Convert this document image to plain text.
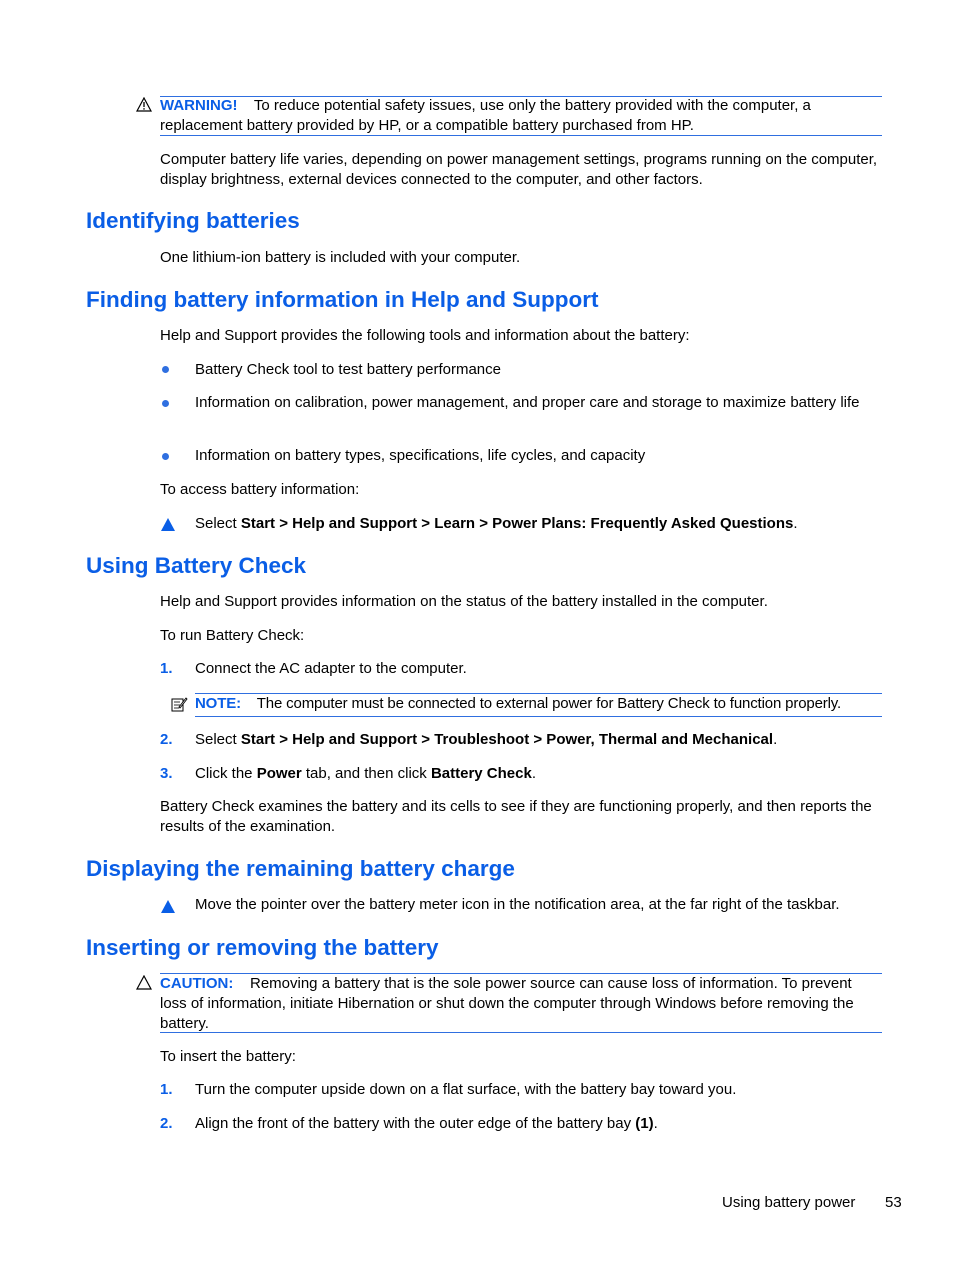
WARNING! To reduce potential safety issues, use only the battery provided with the computer, a replacement battery provided by HP, or a compatible battery purchased from HP.
Computer battery life varies, depending on power management settings, programs running on the computer, display brightness, external devices connected to the computer, and other factors.
Identifying batteries
One lithium-ion battery is included with your computer.
Finding battery information in Help and Support
Help and Support provides the following tools and information about the battery:
Battery Check tool to test battery performance
Information on calibration, power management, and proper care and storage to maximize battery life
Information on battery types, specifications, life cycles, and capacity
To access battery information:
Select Start > Help and Support > Learn > Power Plans: Frequently Asked Questions.
Using Battery Check
Help and Support provides information on the status of the battery installed in the computer.
To run Battery Check:
1. Connect the AC adapter to the computer.
NOTE: The computer must be connected to external power for Battery Check to function properly.
2. Select Start > Help and Support > Troubleshoot > Power, Thermal and Mechanical.
3. Click the Power tab, and then click Battery Check.
Battery Check examines the battery and its cells to see if they are functioning properly, and then reports the results of the examination.
Displaying the remaining battery charge
Move the pointer over the battery meter icon in the notification area, at the far right of the taskbar.
Inserting or removing the battery
CAUTION: Removing a battery that is the sole power source can cause loss of information. To prevent loss of information, initiate Hibernation or shut down the computer through Windows before removing the battery.
To insert the battery:
1. Turn the computer upside down on a flat surface, with the battery bay toward you.
2. Align the front of the battery with the outer edge of the battery bay (1).
Using battery power 53
